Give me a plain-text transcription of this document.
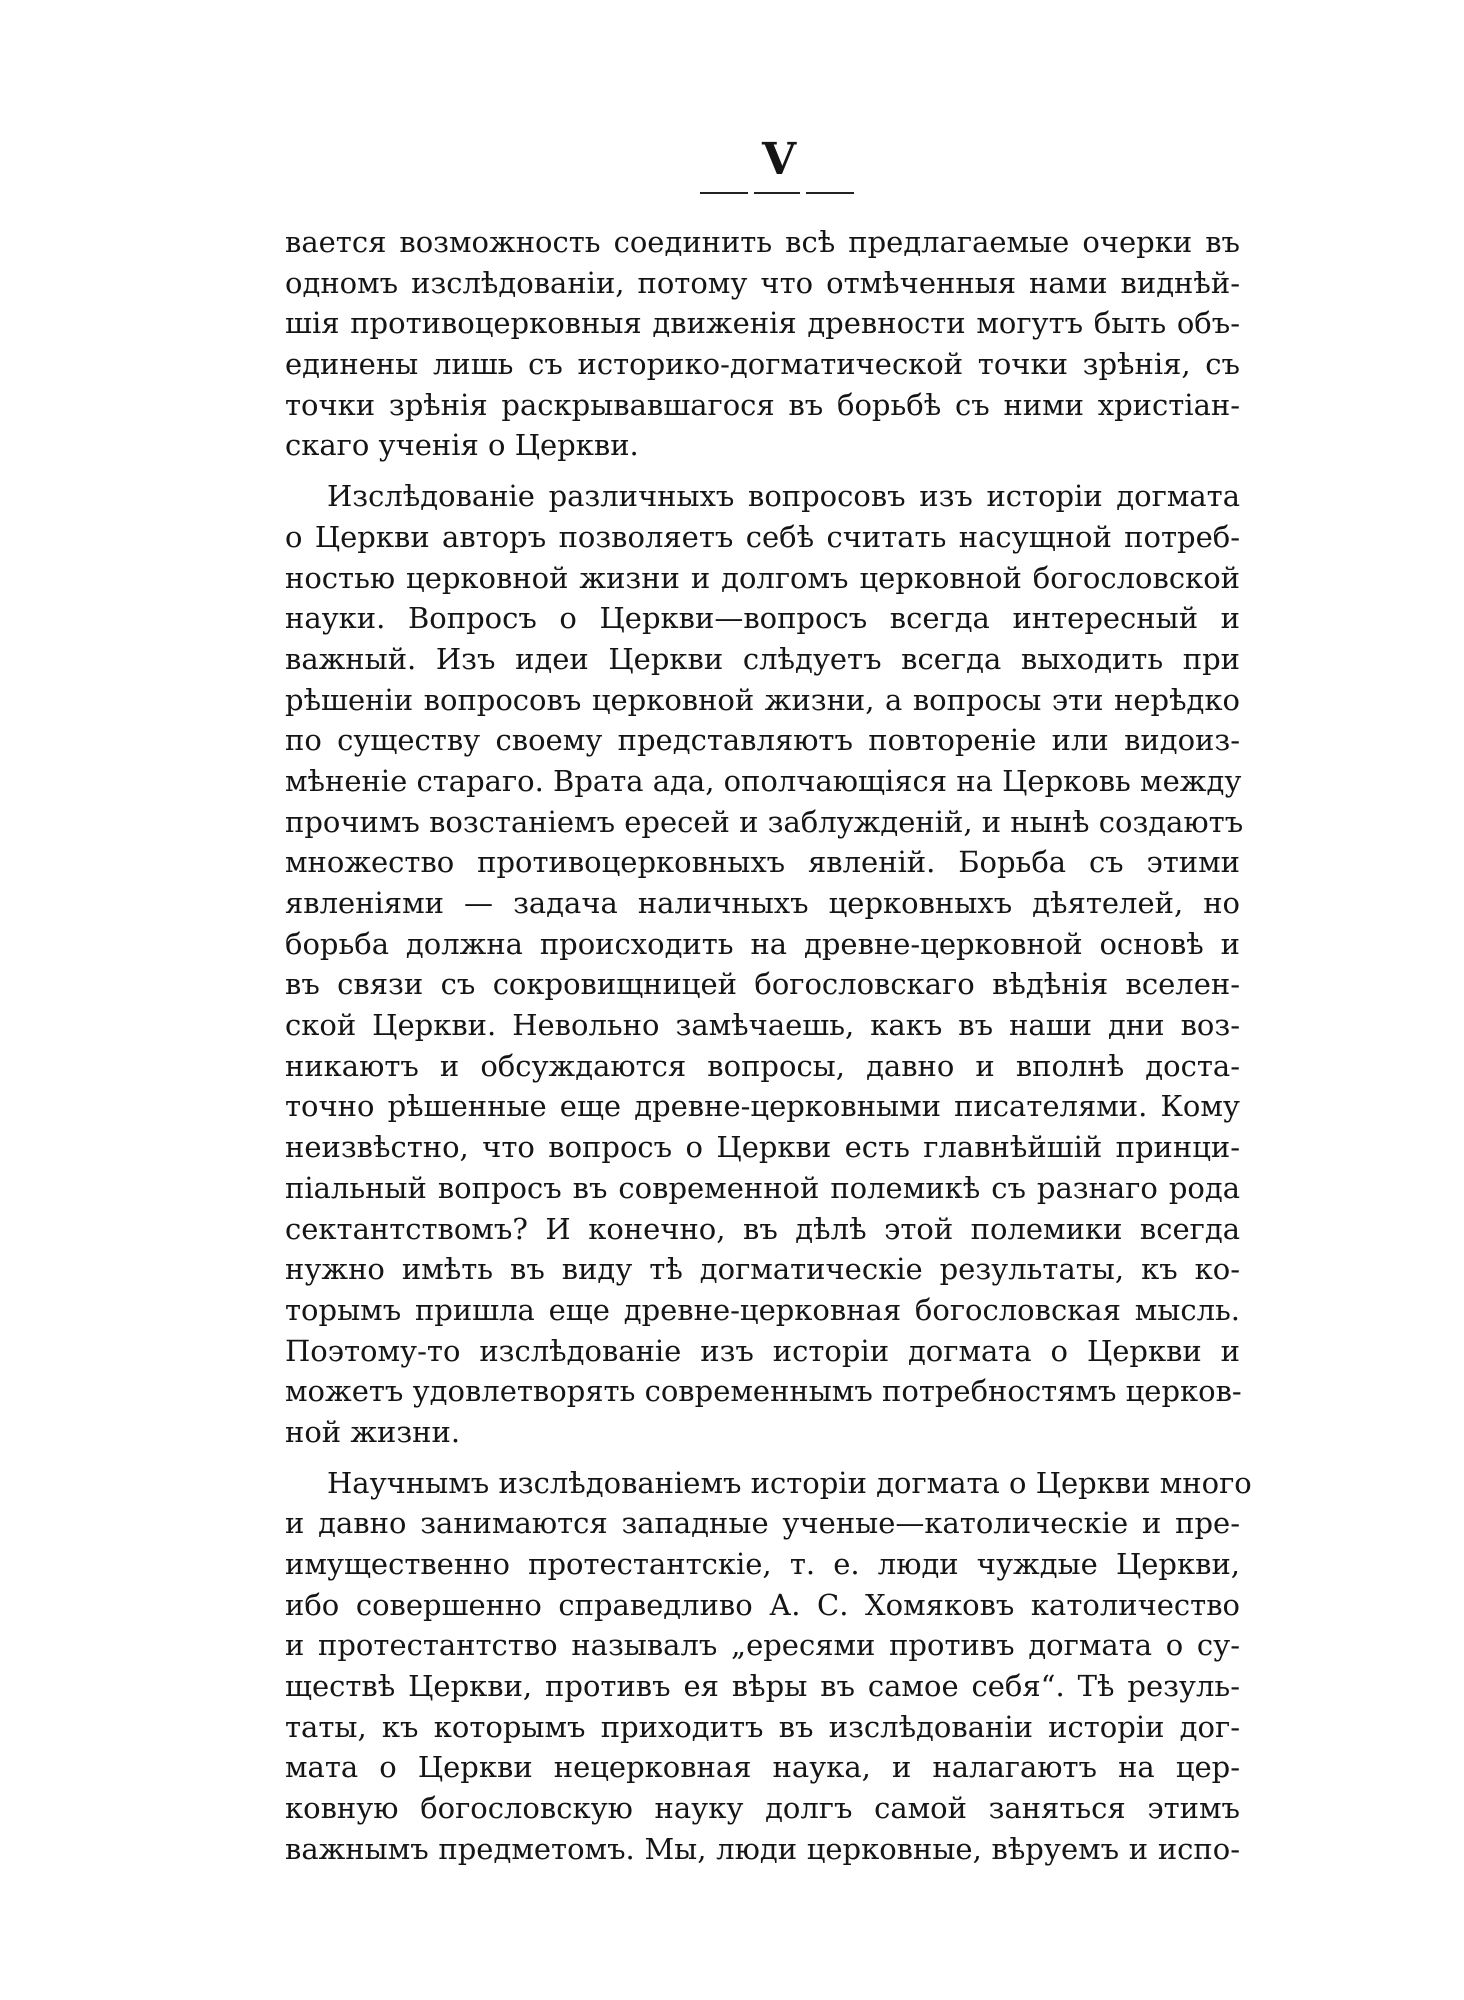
V
вается возможность соединить всѣ предлагаемые очерки въ
одномъ изслѣдованіи, потому что отмѣченныя нами виднѣй-
шія противоцерковныя движенія древности могутъ быть объ-
единены лишь съ историко-догматической точки зрѣнія, съ
точки зрѣнія раскрывавшагося въ борьбѣ съ ними христіан-
скаго ученія о Церкви.
Изслѣдованіе различныхъ вопросовъ изъ исторіи догмата
о Церкви авторъ позволяетъ себѣ считать насущной потреб-
ностью церковной жизни и долгомъ церковной богословской
науки. Вопросъ о Церкви—вопросъ всегда интересный и
важный. Изъ идеи Церкви слѣдуетъ всегда выходить при
рѣшеніи вопросовъ церковной жизни, а вопросы эти нерѣдко
по существу своему представляютъ повтореніе или видоиз-
мѣненіе стараго. Врата ада, ополчающіяся на Церковь между
прочимъ возстаніемъ ересей и заблужденій, и нынѣ создаютъ
множество противоцерковныхъ явленій. Борьба съ этими
явленіями — задача наличныхъ церковныхъ дѣятелей, но
борьба должна происходить на древне-церковной основѣ и
въ связи съ сокровищницей богословскаго вѣдѣнія вселен-
ской Церкви. Невольно замѣчаешь, какъ въ наши дни воз-
никаютъ и обсуждаются вопросы, давно и вполнѣ доста-
точно рѣшенные еще древне-церковными писателями. Кому
неизвѣстно, что вопросъ о Церкви есть главнѣйшій принци-
піальный вопросъ въ современной полемикѣ съ разнаго рода
сектантствомъ? И конечно, въ дѣлѣ этой полемики всегда
нужно имѣть въ виду тѣ догматическіе результаты, къ ко-
торымъ пришла еще древне-церковная богословская мысль.
Поэтому-то изслѣдованіе изъ исторіи догмата о Церкви и
можетъ удовлетворять современнымъ потребностямъ церков-
ной жизни.
Научнымъ изслѣдованіемъ исторіи догмата о Церкви много
и давно занимаются западные ученые—католическіе и пре-
имущественно протестантскіе, т. е. люди чуждые Церкви,
ибо совершенно справедливо А. С. Хомяковъ католичество
и протестантство называлъ „ересями противъ догмата о су-
ществѣ Церкви, противъ ея вѣры въ самое себя“. Тѣ резуль-
таты, къ которымъ приходитъ въ изслѣдованіи исторіи дог-
мата о Церкви нецерковная наука, и налагаютъ на цер-
ковную богословскую науку долгъ самой заняться этимъ
важнымъ предметомъ. Мы, люди церковные, вѣруемъ и испо-
